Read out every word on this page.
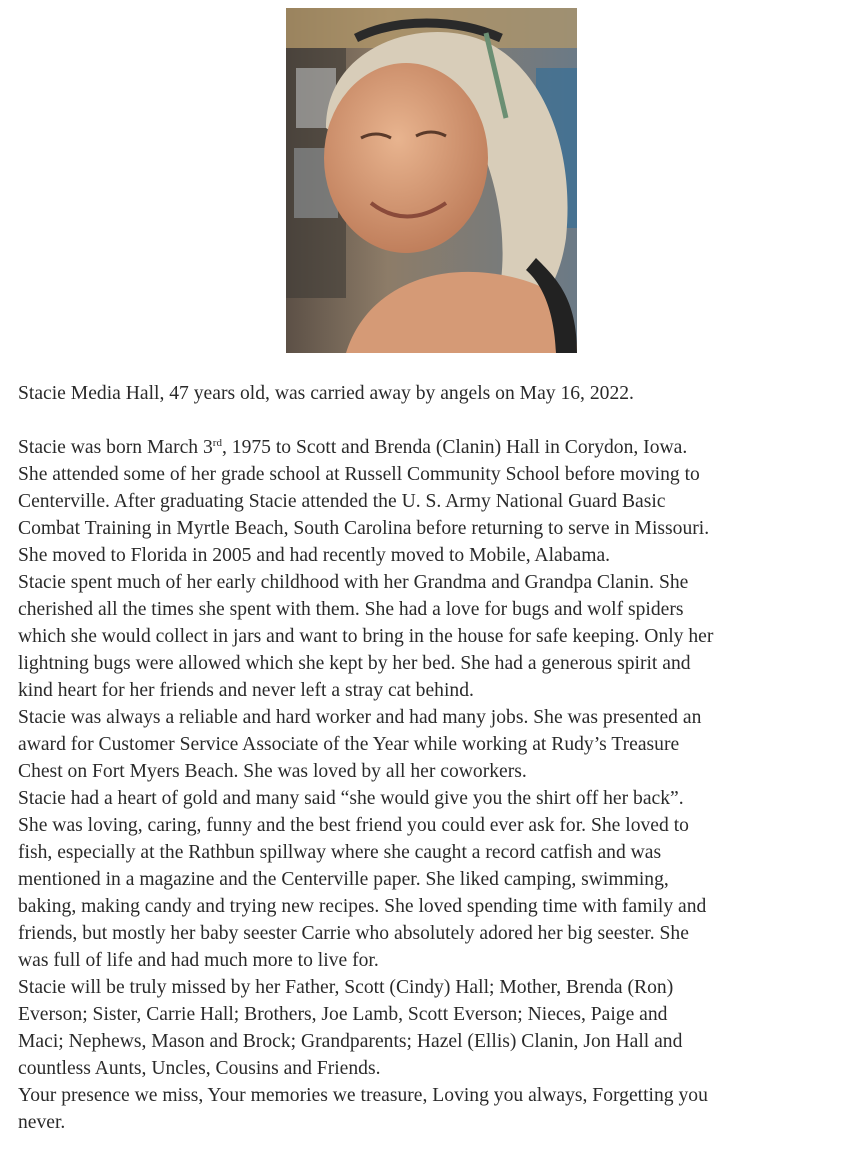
Stacie Media Hall, 47 years old, was carried away by angels on May 16, 2022.

Stacie was born March 3rd, 1975 to Scott and Brenda (Clanin) Hall in Corydon, Iowa.

She attended some of her grade school at Russell Community School before moving to

Centerville. After graduating Stacie attended the U. S. Army National Guard Basic

Combat Training in Myrtle Beach, South Carolina before returning to serve in Missouri.

She moved to Florida in 2005 and had recently moved to Mobile, Alabama.

Stacie spent much of her early childhood with her Grandma and Grandpa Clanin. She

cherished all the times she spent with them. She had a love for bugs and wolf spiders

which she would collect in jars and want to bring in the house for safe keeping. Only her

lightning bugs were allowed which she kept by her bed. She had a generous spirit and

kind heart for her friends and never left a stray cat behind.

Stacie was always a reliable and hard worker and had many jobs. She was presented an

award for Customer Service Associate of the Year while working at Rudy’s Treasure

Chest on Fort Myers Beach. She was loved by all her coworkers.

Stacie had a heart of gold and many said “she would give you the shirt off her back”.

She was loving, caring, funny and the best friend you could ever ask for. She loved to

fish, especially at the Rathbun spillway where she caught a record catfish and was

mentioned in a magazine and the Centerville paper. She liked camping, swimming,

baking, making candy and trying new recipes. She loved spending time with family and

friends, but mostly her baby seester Carrie who absolutely adored her big seester. She

was full of life and had much more to live for.

Stacie will be truly missed by her Father, Scott (Cindy) Hall; Mother, Brenda (Ron)

Everson; Sister, Carrie Hall; Brothers, Joe Lamb, Scott Everson; Nieces, Paige and

Maci; Nephews, Mason and Brock; Grandparents; Hazel (Ellis) Clanin, Jon Hall and

countless Aunts, Uncles, Cousins and Friends.

Your presence we miss, Your memories we treasure, Loving you always, Forgetting you

never.
